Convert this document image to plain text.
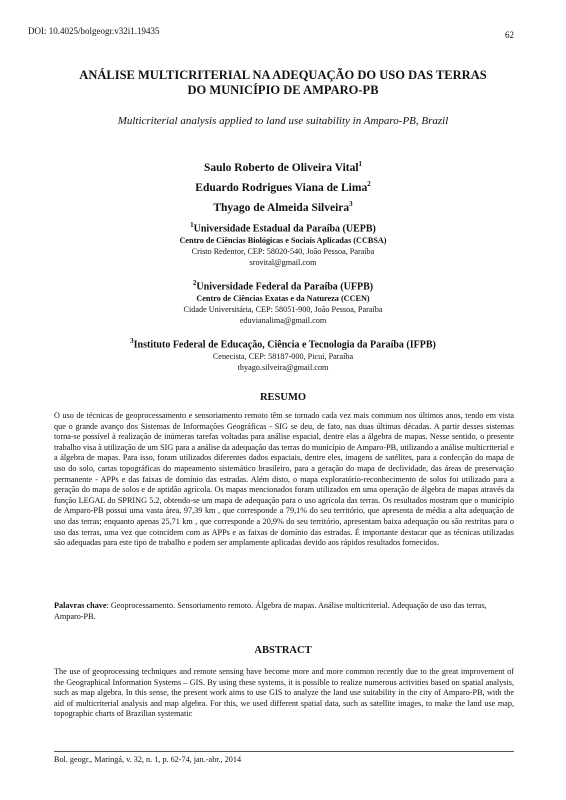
DOI: 10.4025/bolgeogr.v32i1.19435	62
ANÁLISE MULTICRITERIAL NA ADEQUAÇÃO DO USO DAS TERRAS
DO MUNICÍPIO DE AMPARO-PB
Multicriterial analysis applied to land use suitability in Amparo-PB, Brazil
Saulo Roberto de Oliveira Vital$^1$
Eduardo Rodrigues Viana de Lima$^2$
Thyago de Almeida Silveira$^3$
$^1$Universidade Estadual da Paraíba (UEPB)
Centro de Ciências Biológicas e Sociais Aplicadas (CCBSA)
Cristo Redentor, CEP: 58020-540, João Pessoa, Paraíba
srovital@gmail.com
$^2$Universidade Federal da Paraíba (UFPB)
Centro de Ciências Exatas e da Natureza (CCEN)
Cidade Universitária, CEP: 58051-900, João Pessoa, Paraíba
eduvianalima@gmail.com
$^3$Instituto Federal de Educação, Ciência e Tecnologia da Paraíba (IFPB)
Cenecista, CEP: 58187-000, Picuí, Paraíba
thyago.silveira@gmail.com
RESUMO
O uso de técnicas de geoprocessamento e sensoriamento remoto têm se tornado cada vez mais commum nos últimos anos, tendo em vista que o grande avanço dos Sistemas de Informações Geográficas - SIG se deu, de fato, nas duas últimas décadas. A partir desses sistemas torna-se possível à realização de inúmeras tarefas voltadas para análise espacial, dentre elas a álgebra de mapas. Nesse sentido, o presente trabalho visa à utilização de um SIG para a análise da adequação das terras do município de Amparo-PB, utilizando a análise multicriterial e a álgebra de mapas. Para isso, foram utilizados diferentes dados espaciais, dentre eles, imagens de satélites, para a confecção do mapa de uso do solo, cartas topográficas do mapeamento sistemático brasileiro, para a geração do mapa de declividade, das áreas de preservação permanente - APPs e das faixas de domínio das estradas. Além disto, o mapa exploratório-reconhecimento de solos foi utilizado para a geração do mapa de solos e de aptidão agrícola. Os mapas mencionados foram utilizados em uma operação de álgebra de mapas através da função LEGAL do SPRING 5.2, obtendo-se um mapa de adequação para o uso agrícola das terras. Os resultados mostram que o município de Amparo-PB possui uma vasta área, 97,39 km , que corresponde a 79,1% do seu território, que apresenta de média a alta adequação de uso das terras; enquanto apenas 25,71 km , que corresponde a 20,9% do seu território, apresentam baixa adequação ou são restritas para o uso das terras, uma vez que coincidem com as APPs e as faixas de domínio das estradas. É importante destacar que as técnicas utilizadas são adequadas para este tipo de trabalho e podem ser amplamente aplicadas devido aos rápidos resultados fornecidos.
Palavras chave: Geoprocessamento. Sensoriamento remoto. Álgebra de mapas. Análise multicriterial. Adequação de uso das terras, Amparo-PB.
ABSTRACT
The use of geoprocessing techniques and remote sensing have become more and more common recently due to the great improvement of the Geographical Information Systems – GIS. By using these systems, it is possible to realize numerous activities based on spatial analysis, such as map algebra. In this sense, the present work aims to use GIS to analyze the land use suitability in the city of Amparo-PB, with the aid of multicriterial analysis and map algebra. For this, we used different spatial data, such as satellite images, to make the land use map, topographic charts of Brazilian systematic
Bol. geogr., Maringá, v. 32, n. 1, p. 62-74, jan.-abr., 2014
